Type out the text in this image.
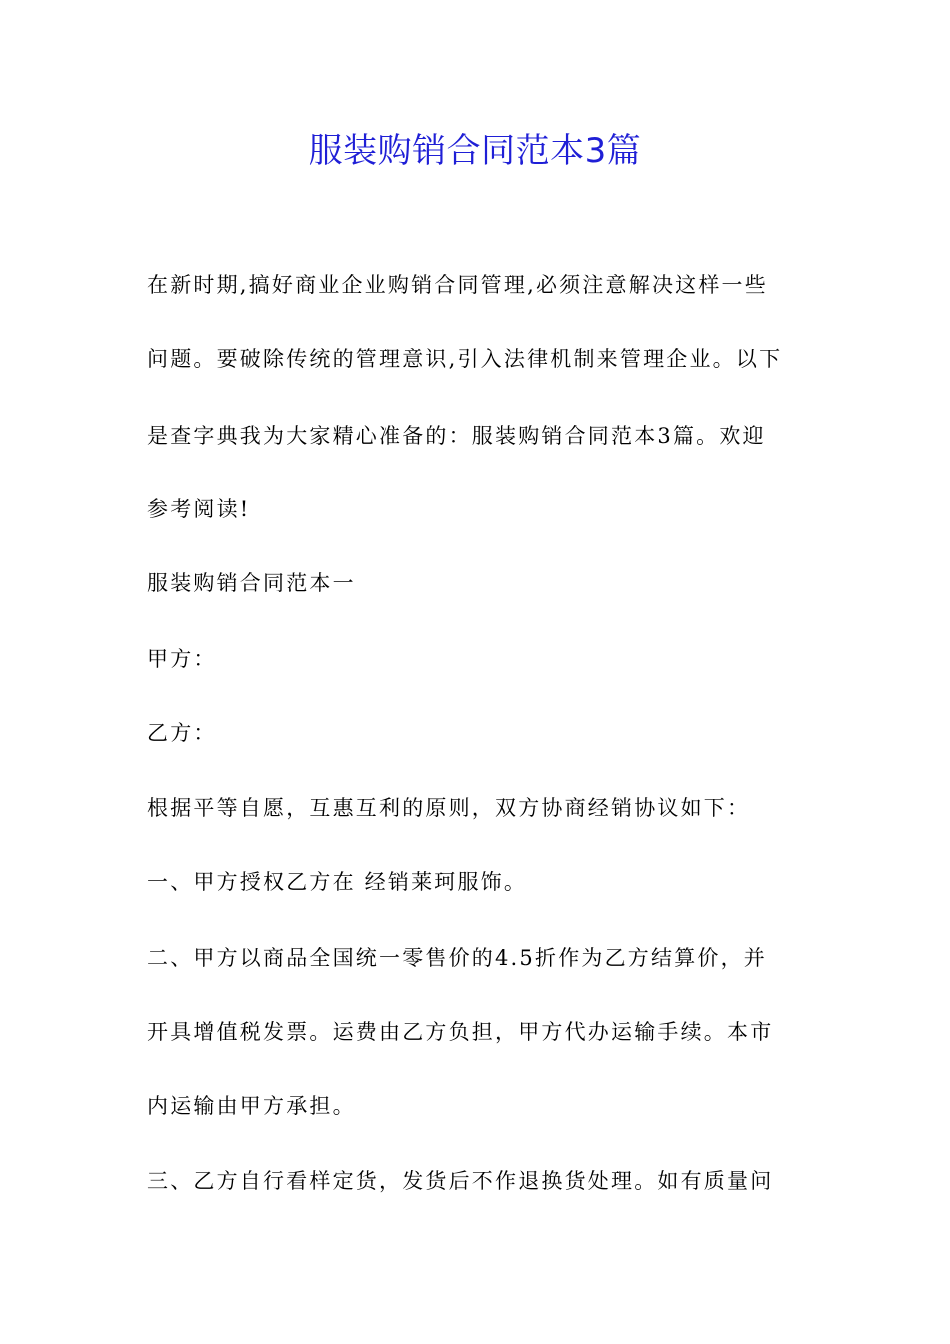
服装购销合同范本3篇
在新时期,搞好商业企业购销合同管理,必须注意解决这样一些
问题。要破除传统的管理意识,引入法律机制来管理企业。以下
是查字典我为大家精心准备的：服装购销合同范本3篇。欢迎
参考阅读!
服装购销合同范本一
甲方：
乙方：
根据平等自愿，互惠互利的原则，双方协商经销协议如下：
一、甲方授权乙方在 经销莱珂服饰。
二、甲方以商品全国统一零售价的4.5折作为乙方结算价，并
开具增值税发票。运费由乙方负担，甲方代办运输手续。本市
内运输由甲方承担。
三、乙方自行看样定货，发货后不作退换货处理。如有质量问
